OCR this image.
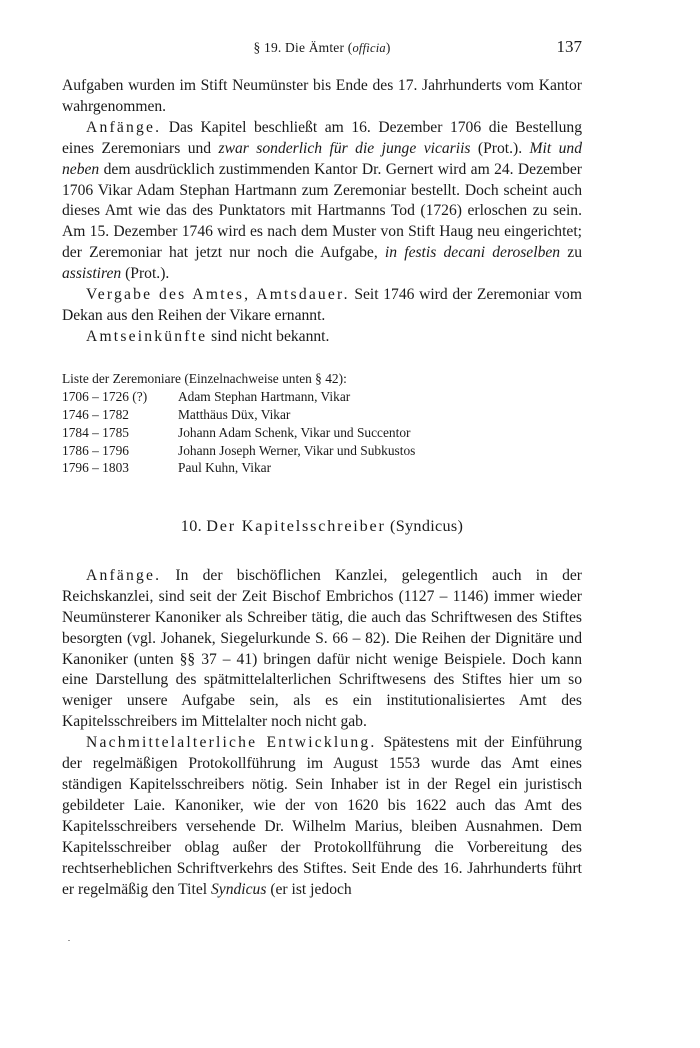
§ 19. Die Ämter (officia)	137

Aufgaben wurden im Stift Neumünster bis Ende des 17. Jahrhunderts vom Kantor wahrgenommen.

Anfänge. Das Kapitel beschließt am 16. Dezember 1706 die Bestellung eines Zeremoniars und zwar sonderlich für die junge vicariis (Prot.). Mit und neben dem ausdrücklich zustimmenden Kantor Dr. Gernert wird am 24. Dezember 1706 Vikar Adam Stephan Hartmann zum Zeremoniar bestellt. Doch scheint auch dieses Amt wie das des Punktators mit Hartmanns Tod (1726) erloschen zu sein. Am 15. Dezember 1746 wird es nach dem Muster von Stift Haug neu eingerichtet; der Zeremoniar hat jetzt nur noch die Aufgabe, in festis decani deroselben zu assistiren (Prot.).

Vergabe des Amtes, Amtsdauer. Seit 1746 wird der Zeremoniar vom Dekan aus den Reihen der Vikare ernannt.

Amtseinkünfte sind nicht bekannt.

Liste der Zeremoniare (Einzelnachweise unten § 42):
1706 – 1726 (?)	Adam Stephan Hartmann, Vikar
1746 – 1782	Matthäus Düx, Vikar
1784 – 1785	Johann Adam Schenk, Vikar und Succentor
1786 – 1796	Johann Joseph Werner, Vikar und Subkustos
1796 – 1803	Paul Kuhn, Vikar
10. Der Kapitelsschreiber (Syndicus)

Anfänge. In der bischöflichen Kanzlei, gelegentlich auch in der Reichskanzlei, sind seit der Zeit Bischof Embrichos (1127 – 1146) immer wieder Neumünsterer Kanoniker als Schreiber tätig, die auch das Schriftwesen des Stiftes besorgten (vgl. Johanek, Siegelurkunde S. 66 – 82). Die Reihen der Dignitäre und Kanoniker (unten §§ 37 – 41) bringen dafür nicht wenige Beispiele. Doch kann eine Darstellung des spätmittelalterlichen Schriftwesens des Stiftes hier um so weniger unsere Aufgabe sein, als es ein institutionalisiertes Amt des Kapitelsschreibers im Mittelalter noch nicht gab.

Nachmittelalterliche Entwicklung. Spätestens mit der Einführung der regelmäßigen Protokollführung im August 1553 wurde das Amt eines ständigen Kapitelsschreibers nötig. Sein Inhaber ist in der Regel ein juristisch gebildeter Laie. Kanoniker, wie der von 1620 bis 1622 auch das Amt des Kapitelsschreibers versehende Dr. Wilhelm Marius, bleiben Ausnahmen. Dem Kapitelsschreiber oblag außer der Protokollführung die Vorbereitung des rechtserheblichen Schriftverkehrs des Stiftes. Seit Ende des 16. Jahrhunderts führt er regelmäßig den Titel Syndicus (er ist jedoch
